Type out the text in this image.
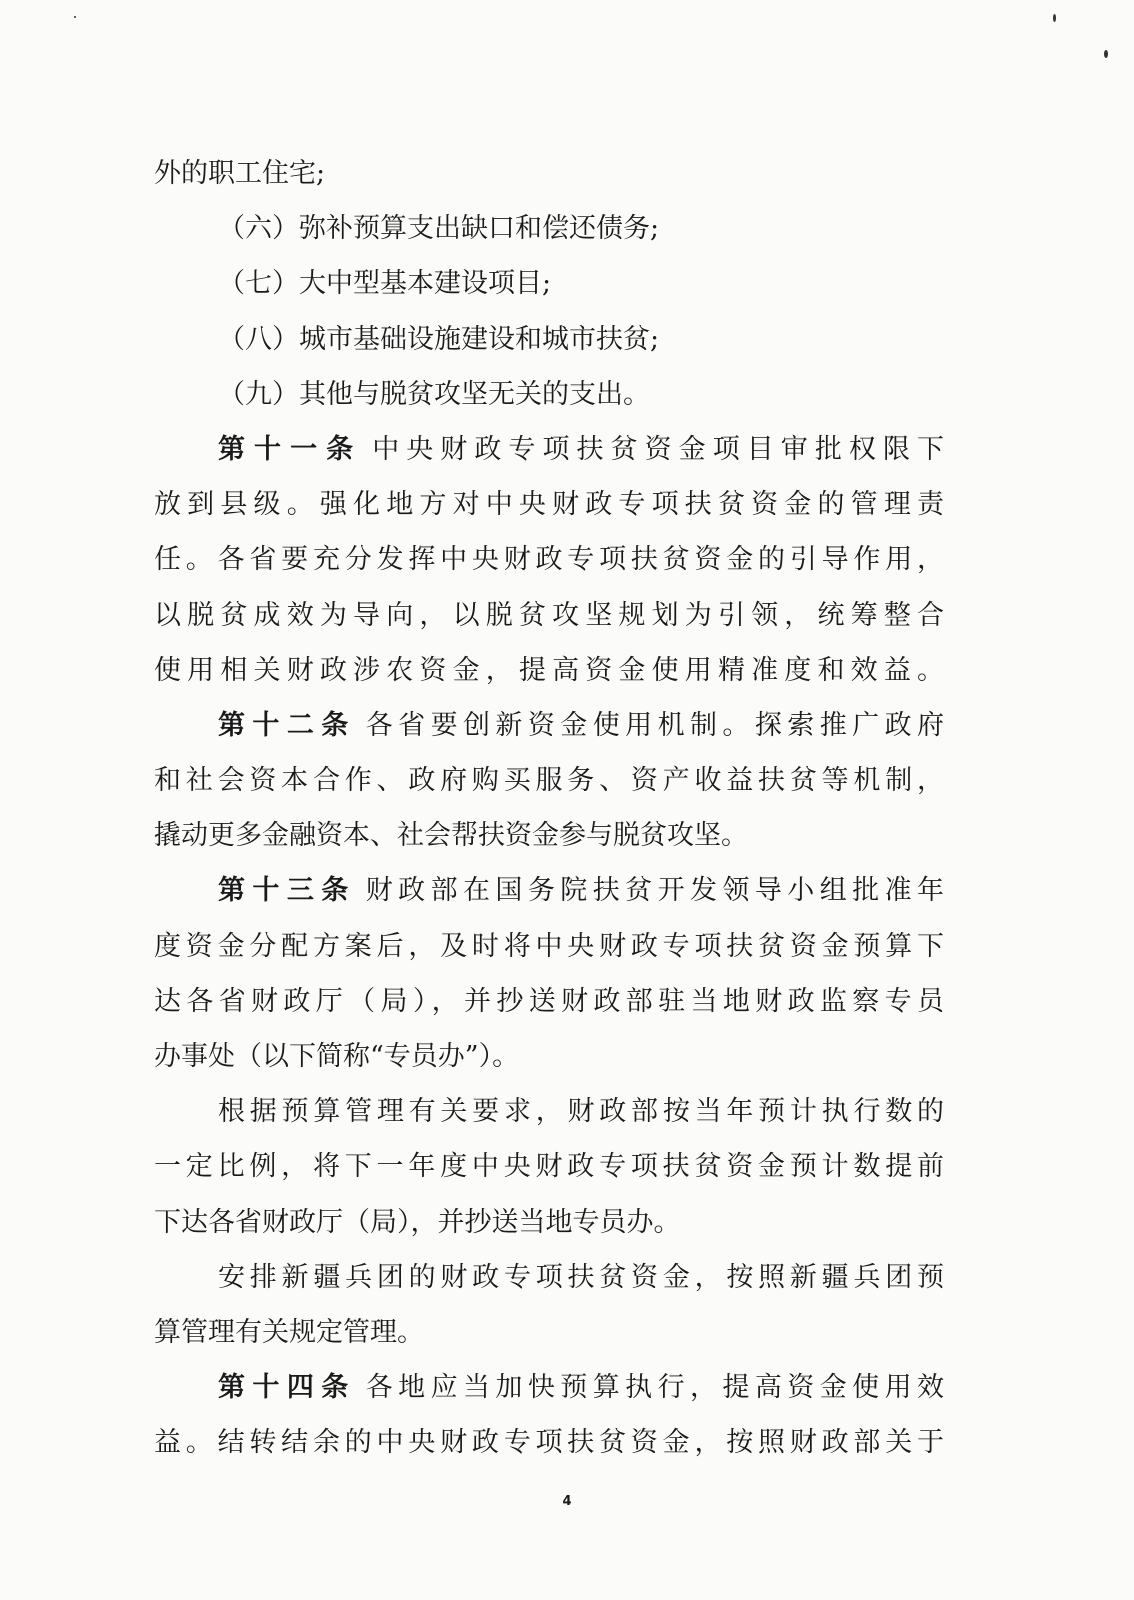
外的职工住宅;
（六）弥补预算支出缺口和偿还债务;
（七）大中型基本建设项目;
（八）城市基础设施建设和城市扶贫;
（九）其他与脱贫攻坚无关的支出。
第十一条 中央财政专项扶贫资金项目审批权限下
放到县级。强化地方对中央财政专项扶贫资金的管理责
任。各省要充分发挥中央财政专项扶贫资金的引导作用，
以脱贫成效为导向，以脱贫攻坚规划为引领，统筹整合
使用相关财政涉农资金，提高资金使用精准度和效益。
第十二条 各省要创新资金使用机制。探索推广政府
和社会资本合作、政府购买服务、资产收益扶贫等机制，
撬动更多金融资本、社会帮扶资金参与脱贫攻坚。
第十三条 财政部在国务院扶贫开发领导小组批准年
度资金分配方案后，及时将中央财政专项扶贫资金预算下
达各省财政厅（局），并抄送财政部驻当地财政监察专员
办事处（以下简称“专员办”）。
根据预算管理有关要求，财政部按当年预计执行数的
一定比例，将下一年度中央财政专项扶贫资金预计数提前
下达各省财政厅（局），并抄送当地专员办。
安排新疆兵团的财政专项扶贫资金，按照新疆兵团预
算管理有关规定管理。
第十四条 各地应当加快预算执行，提高资金使用效
益。结转结余的中央财政专项扶贫资金，按照财政部关于
4
